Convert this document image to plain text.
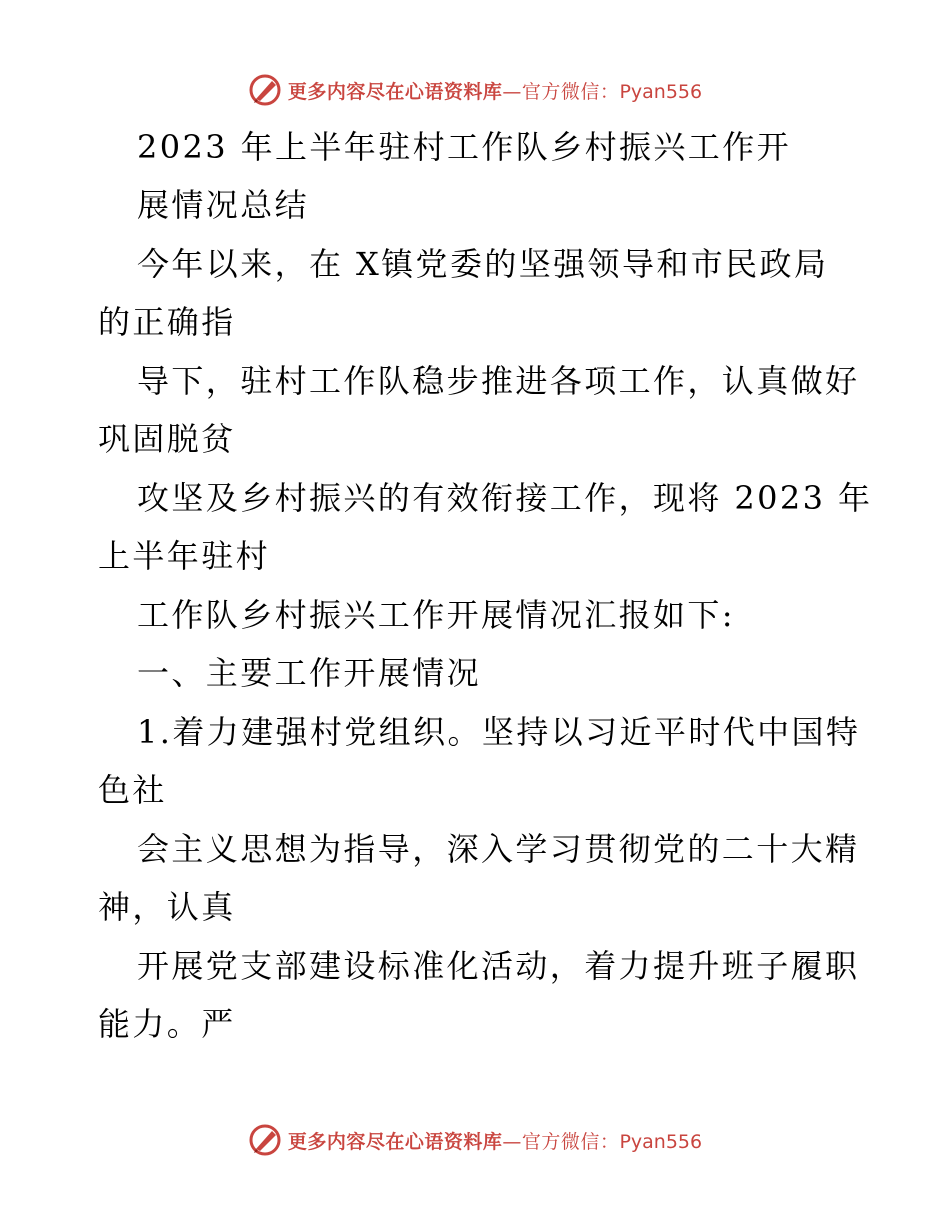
更多内容尽在心语资料库—官方微信：Pyan556
2023 年上半年驻村工作队乡村振兴工作开
展情况总结
今年以来，在 X镇党委的坚强领导和市民政局
的正确指
导下，驻村工作队稳步推进各项工作，认真做好
巩固脱贫
攻坚及乡村振兴的有效衔接工作，现将 2023 年
上半年驻村
工作队乡村振兴工作开展情况汇报如下:
一、主要工作开展情况
1.着力建强村党组织。坚持以习近平时代中国特
色社
会主义思想为指导，深入学习贯彻党的二十大精
神，认真
开展党支部建设标准化活动，着力提升班子履职
能力。严
更多内容尽在心语资料库—官方微信：Pyan556
